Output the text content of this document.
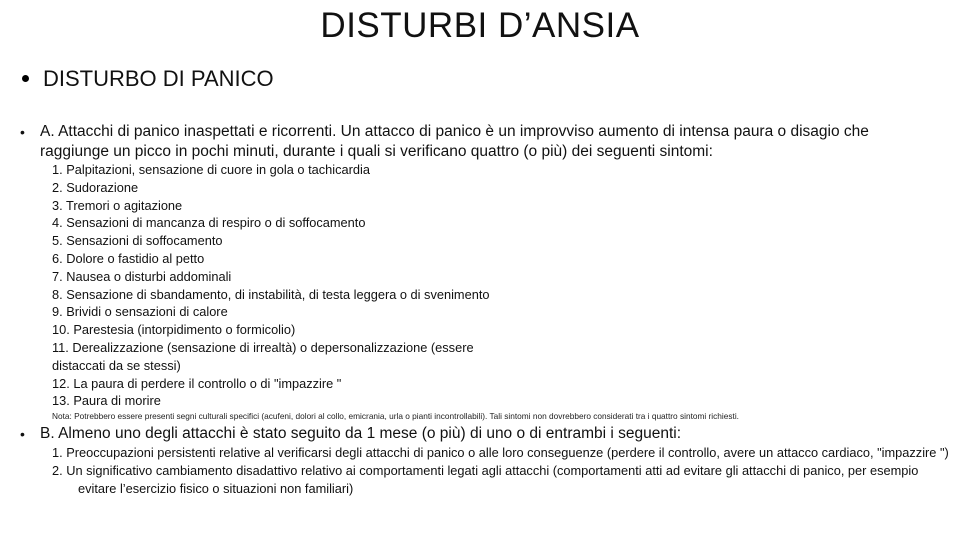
DISTURBI D’ANSIA
DISTURBO DI PANICO
• A. Attacchi di panico inaspettati e ricorrenti. Un attacco di panico è un improvviso aumento di intensa paura o disagio che raggiunge un picco in pochi minuti, durante i quali si verificano quattro (o più) dei seguenti sintomi:
1. Palpitazioni, sensazione di cuore in gola o tachicardia
2. Sudorazione
3. Tremori o agitazione
4. Sensazioni di mancanza di respiro o di soffocamento
5. Sensazioni di soffocamento
6. Dolore o fastidio al petto
7. Nausea o disturbi addominali
8. Sensazione di sbandamento, di instabilità, di testa leggera o di svenimento
9. Brividi o sensazioni di calore
10. Parestesia (intorpidimento o formicolio)
11. Derealizzazione (sensazione di irrealtà) o depersonalizzazione (essere
distaccati da se stessi)
12. La paura di perdere il controllo o di "impazzire "
13. Paura di morire
Nota: Potrebbero essere presenti segni culturali specifici (acufeni, dolori al collo, emicrania, urla o pianti incontrollabili). Tali sintomi non dovrebbero considerati tra i quattro sintomi richiesti.
• B. Almeno uno degli attacchi è stato seguito da 1 mese (o più) di uno o di entrambi i seguenti:
1. Preoccupazioni persistenti relative al verificarsi degli attacchi di panico o alle loro conseguenze (perdere il controllo, avere un attacco cardiaco, "impazzire ")
2. Un significativo cambiamento disadattivo relativo ai comportamenti legati agli attacchi (comportamenti atti ad evitare gli attacchi di panico, per esempio evitare l’esercizio fisico o situazioni non familiari)
